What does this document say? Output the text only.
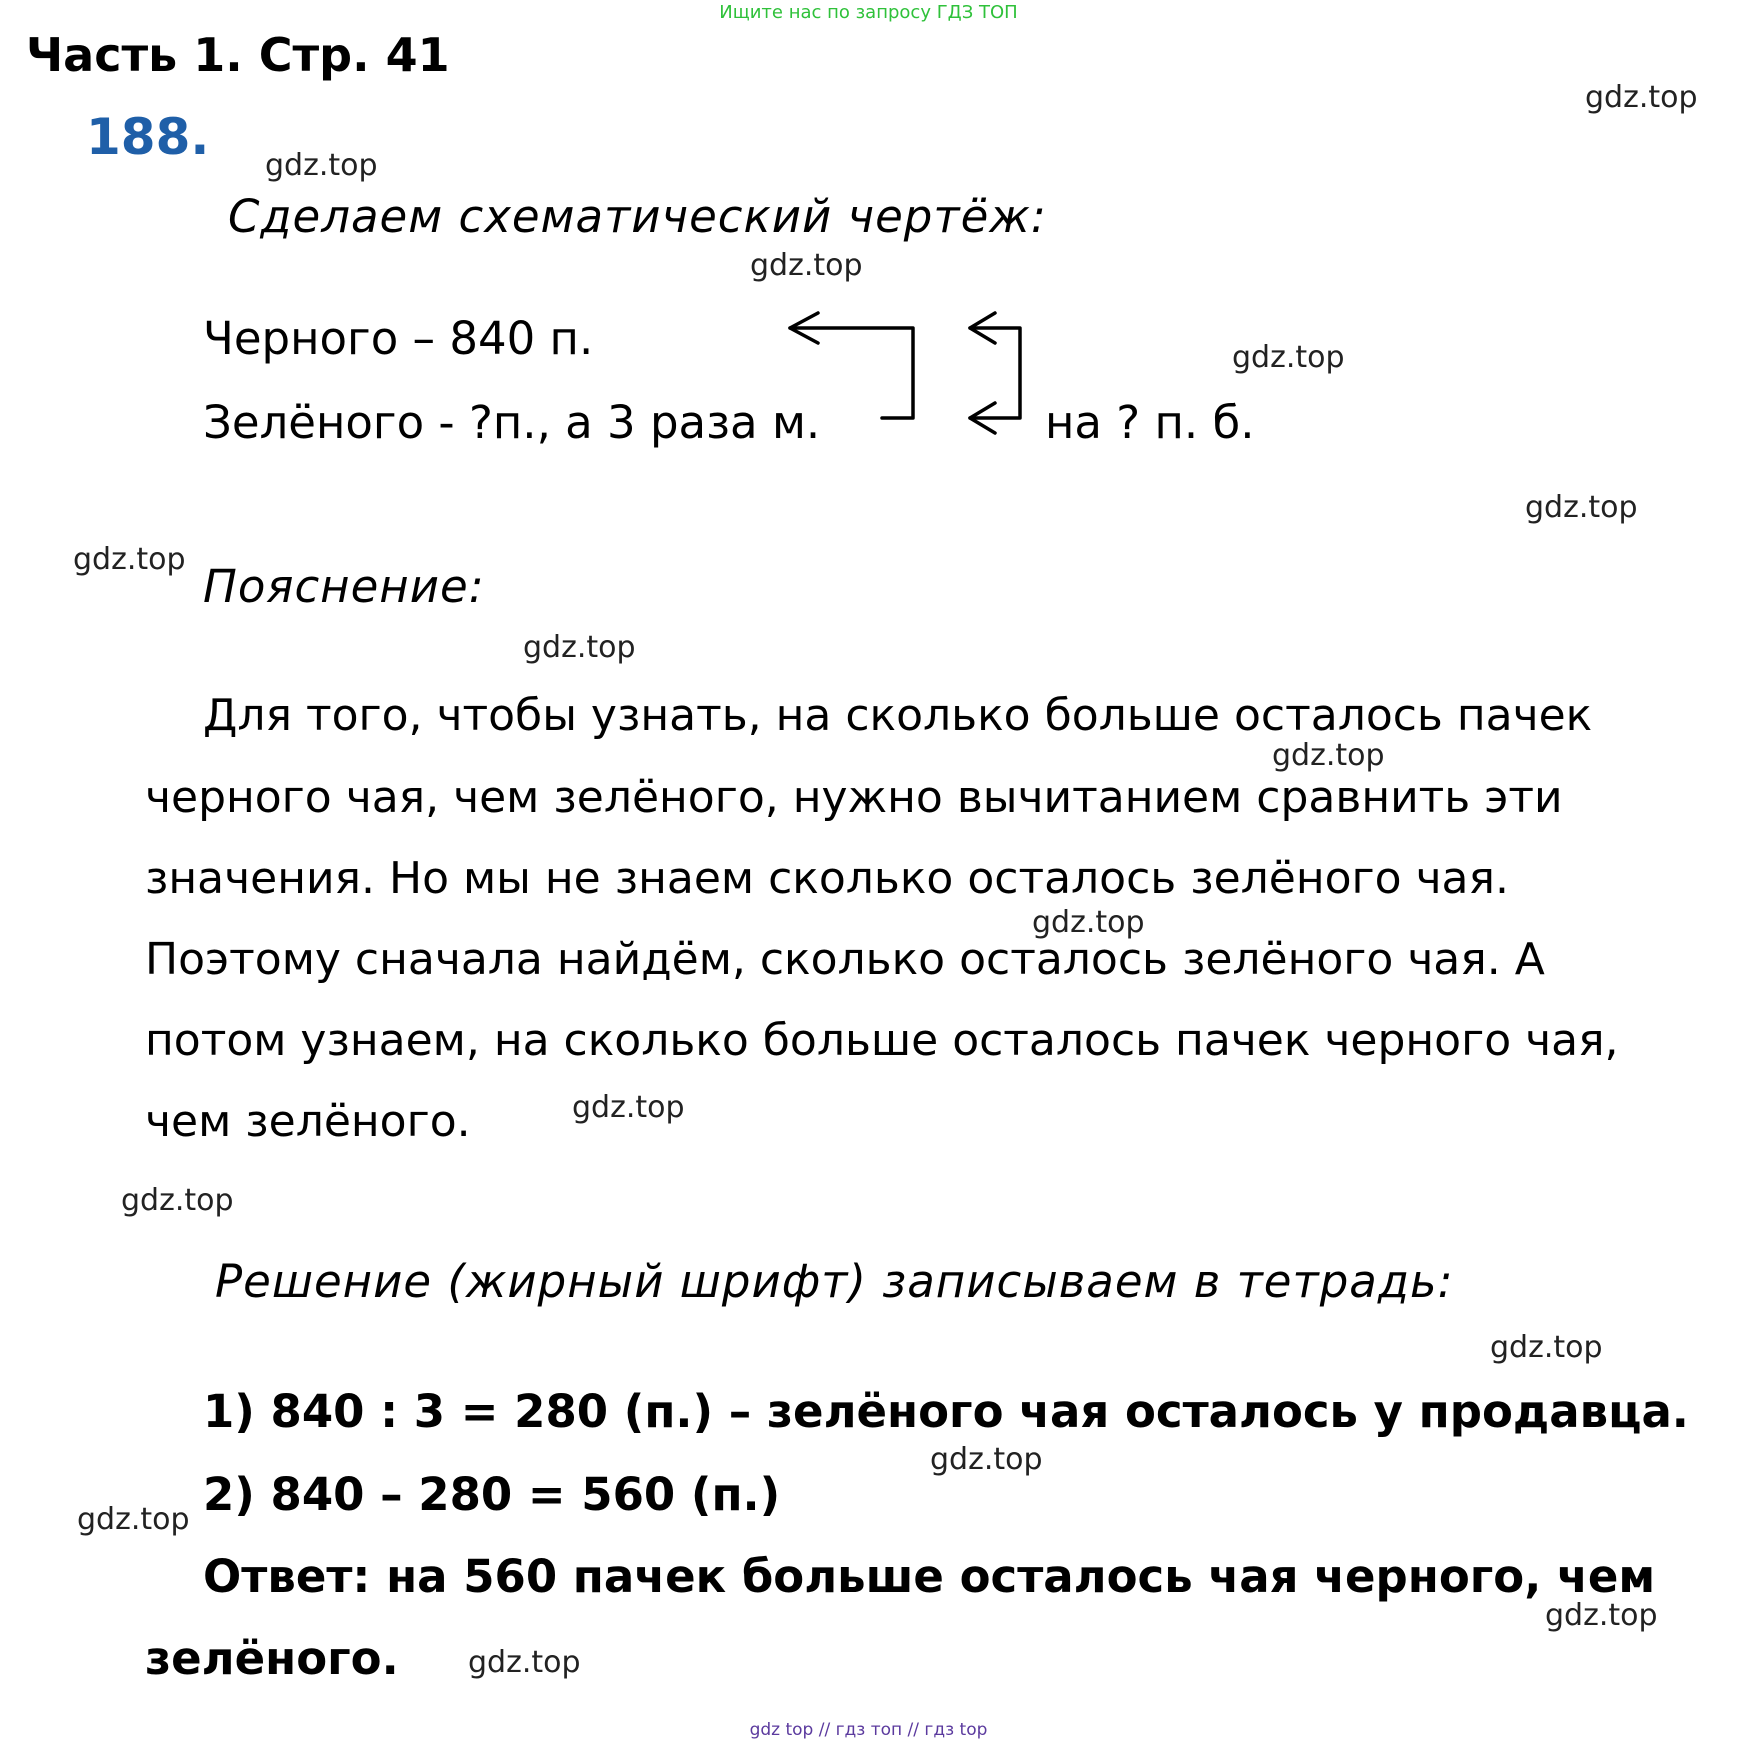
Ищите нас по запросу ГДЗ ТОП
Часть 1. Стр. 41
188.
Сделаем схематический чертёж:
Черного – 840 п.
Зелёного - ?п., а 3 раза м.	на ? п. б.
Пояснение:
Для того, чтобы узнать, на сколько больше осталось пачек
черного чая, чем зелёного, нужно вычитанием сравнить эти
значения. Но мы не знаем сколько осталось зелёного чая.
Поэтому сначала найдём, сколько осталось зелёного чая. А
потом узнаем, на сколько больше осталось пачек черного чая,
чем зелёного.
Решение (жирный шрифт) записываем в тетрадь:
1) 840 : 3 = 280 (п.) – зелёного чая осталось у продавца.
2) 840 – 280 = 560 (п.)
Ответ: на 560 пачек больше осталось чая черного, чем
зелёного.
gdz.top
gdz.top
gdz.top
gdz.top
gdz.top
gdz.top
gdz.top
gdz.top
gdz.top
gdz.top
gdz.top
gdz.top
gdz.top
gdz.top
gdz.top
gdz.top
gdz top // гдз топ // гдз top
